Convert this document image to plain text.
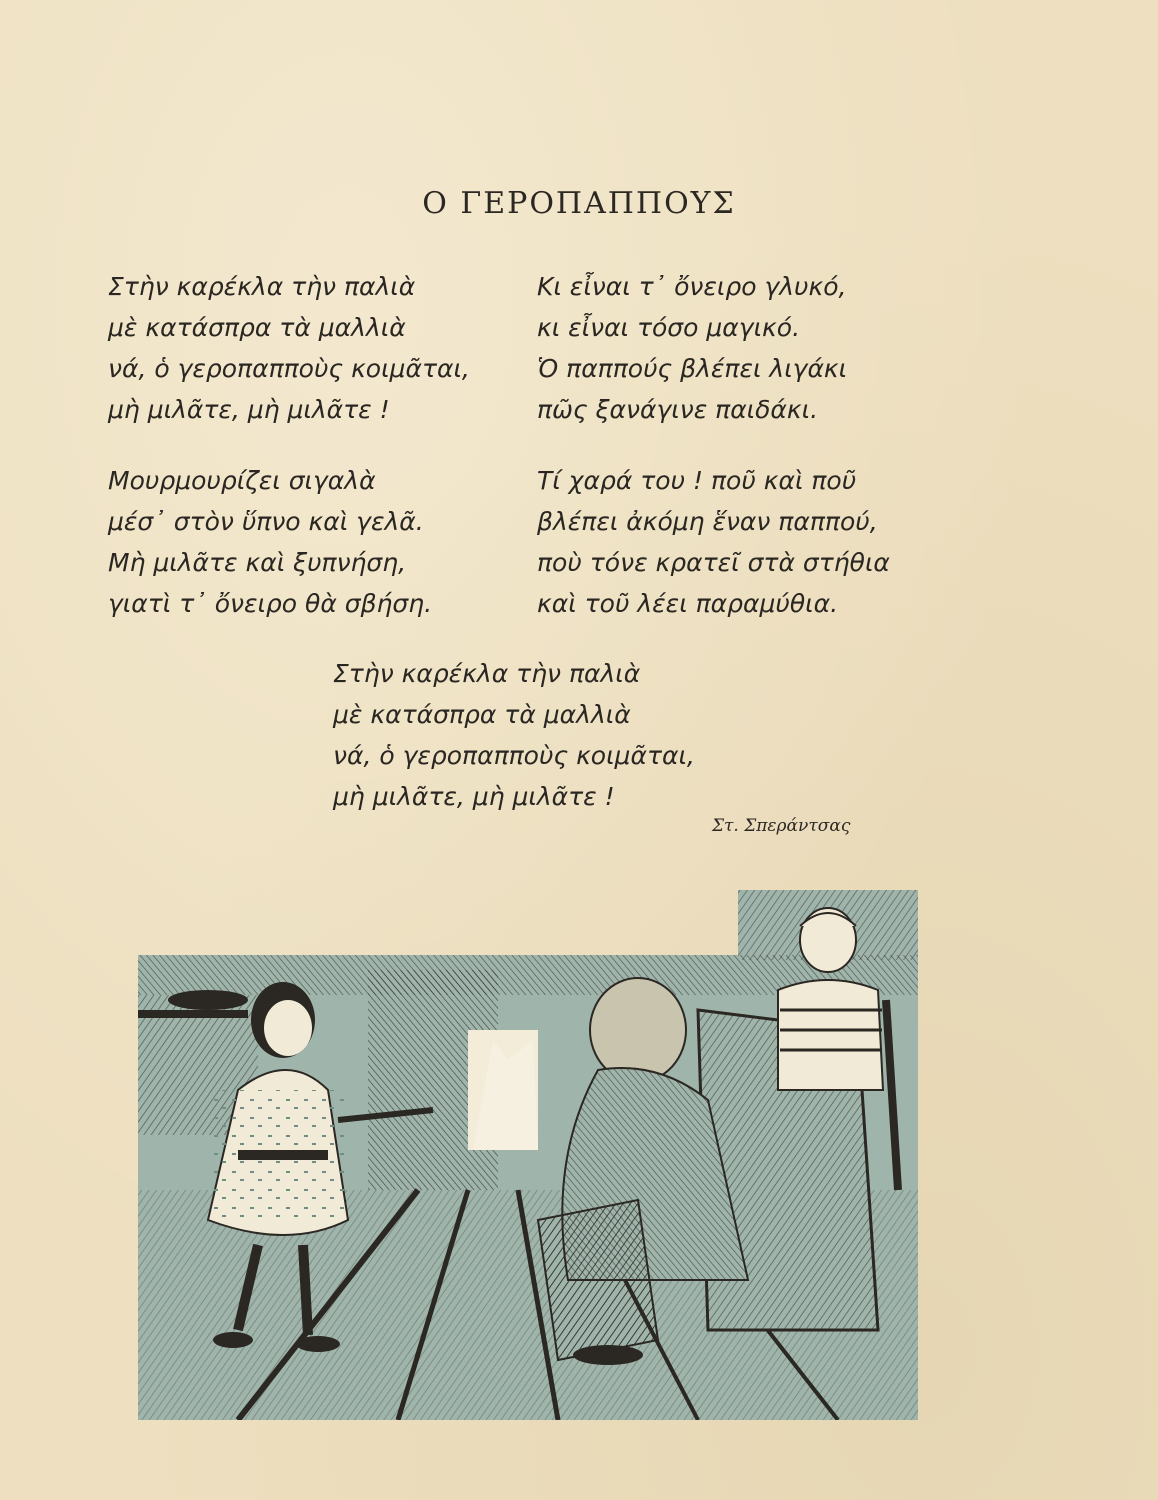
Ο ΓΕΡΟΠΑΠΠΟΥΣ
Στὴν καρέκλα τὴν παλιὰ
μὲ κατάσπρα τὰ μαλλιὰ
νά, ὁ γεροπαπποὺς κοιμᾶται,
μὴ μιλᾶτε, μὴ μιλᾶτε !
Μουρμουρίζει σιγαλὰ
μέσ᾿ στὸν ὕπνο καὶ γελᾶ.
Μὴ μιλᾶτε καὶ ξυπνήση,
γιατὶ τ᾿ ὄνειρο θὰ σβήση.
Κι εἶναι τ᾿ ὄνειρο γλυκό,
κι εἶναι τόσο μαγικό.
Ὁ παππούς βλέπει λιγάκι
πῶς ξανάγινε παιδάκι.
Τί χαρά του ! ποῦ καὶ ποῦ
βλέπει ἀκόμη ἕναν παππού,
ποὺ τόνε κρατεῖ στὰ στήθια
καὶ τοῦ λέει παραμύθια.
Στὴν καρέκλα τὴν παλιὰ
μὲ κατάσπρα τὰ μαλλιὰ
νά, ὁ γεροπαπποὺς κοιμᾶται,
μὴ μιλᾶτε, μὴ μιλᾶτε !
Στ. Σπεράντσας
